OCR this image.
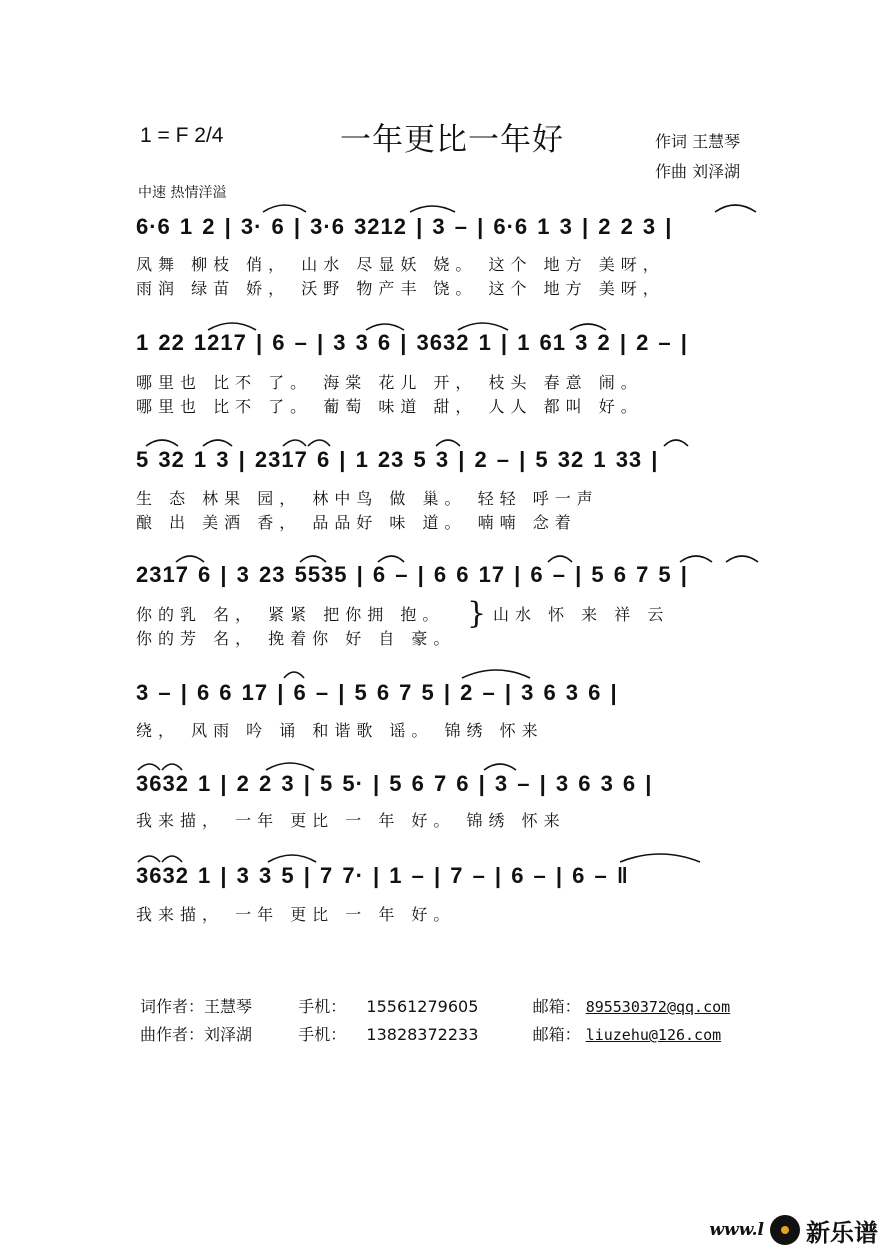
1 = F 2/4	一年更比一年好	作词 王慧琴
作曲 刘泽湖
中速 热情洋溢
6·6 1 2 | 3· 6 | 3·6 3212 | 3 – | 6·6 1 3 | 2 2 3 |
凤舞 柳枝 俏， 山水 尽显妖 娆。 这个 地方 美呀，
雨润 绿苗 娇， 沃野 物产丰 饶。 这个 地方 美呀，
1 22 1217 | 6 – | 3 3 6 | 3632 1 | 1 61 3 2 | 2 – |
哪里也 比不 了。 海棠 花儿 开， 枝头 春意 闹。
哪里也 比不 了。 葡萄 味道 甜， 人人 都叫 好。
5 32 1 3 | 2317 6 | 1 23 5 3 | 2 – | 5 32 1 33 |
生 态 林果 园， 林中鸟 做 巢。 轻轻 呼一声
酿 出 美酒 香， 品品好 味 道。 喃喃 念着
2317 6 | 3 23 5535 | 6 – | 6 6 17 | 6 – | 5 6 7 5 |
你的乳 名， 紧紧 把你拥 抱。
你的芳 名， 挽着你 好 自 豪。
} 山水 怀 来 祥 云
3 – | 6 6 17 | 6 – | 5 6 7 5 | 2 – | 3 6 3 6 |
绕， 风雨 吟 诵 和谐歌 谣。 锦绣 怀来
3632 1 | 2 2 3 | 5 5· | 5 6 7 6 | 3 – | 3 6 3 6 |
我来描， 一年 更比 一 年 好。 锦绣 怀来
3632 1 | 3 3 5 | 7 7· | 1 – | 7 – | 6 – | 6 – ‖
我来描， 一年 更比 一 年 好。
词作者：王慧琴	手机： 15561279605	邮箱： 895530372@qq.com
曲作者：刘泽湖	手机： 13828372233	邮箱： liuzehu@126.com
www.l 新乐谱
